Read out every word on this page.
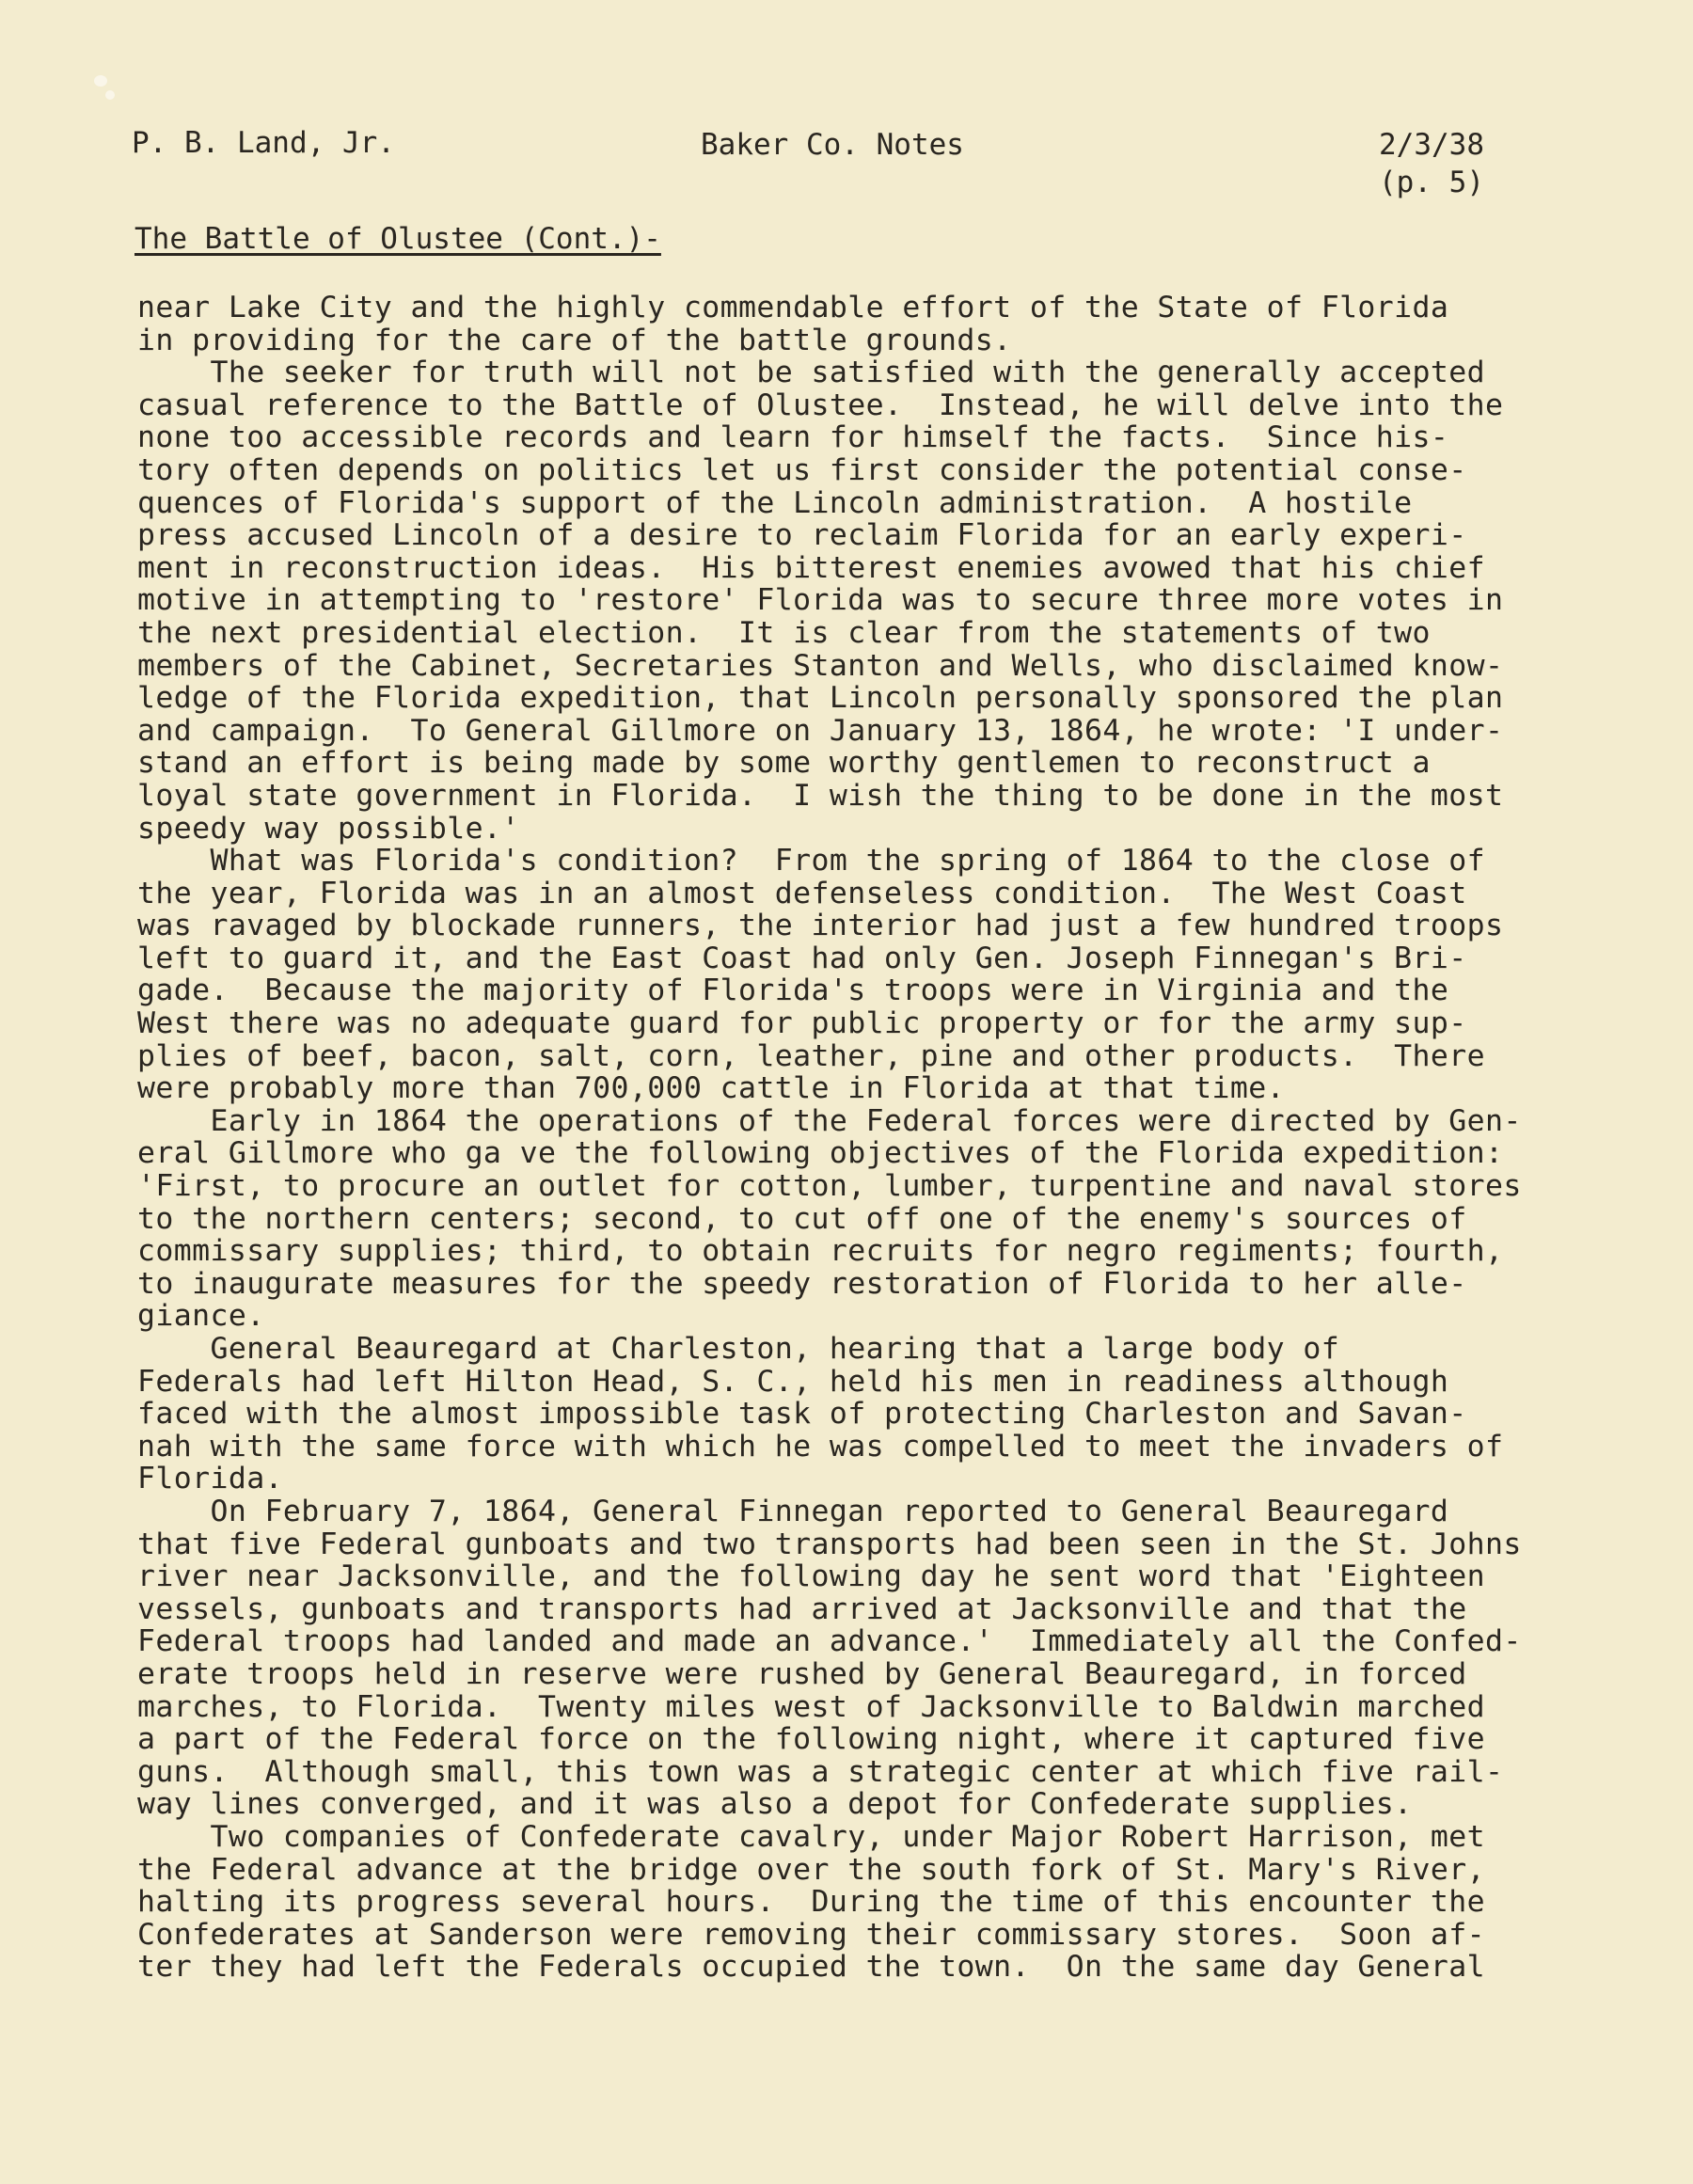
P. B. Land, Jr.	Baker Co. Notes	2/3/38
(p. 5)
The Battle of Olustee (Cont.)-
near Lake City and the highly commendable effort of the State of Florida
in providing for the care of the battle grounds.
The seeker for truth will not be satisfied with the generally accepted
casual reference to the Battle of Olustee.  Instead, he will delve into the
none too accessible records and learn for himself the facts.  Since his-
tory often depends on politics let us first consider the potential conse-
quences of Florida's support of the Lincoln administration.  A hostile
press accused Lincoln of a desire to reclaim Florida for an early experi-
ment in reconstruction ideas.  His bitterest enemies avowed that his chief
motive in attempting to 'restore' Florida was to secure three more votes in
the next presidential election.  It is clear from the statements of two
members of the Cabinet, Secretaries Stanton and Wells, who disclaimed know-
ledge of the Florida expedition, that Lincoln personally sponsored the plan
and campaign.  To General Gillmore on January 13, 1864, he wrote: 'I under-
stand an effort is being made by some worthy gentlemen to reconstruct a
loyal state government in Florida.  I wish the thing to be done in the most
speedy way possible.'
What was Florida's condition?  From the spring of 1864 to the close of
the year, Florida was in an almost defenseless condition.  The West Coast
was ravaged by blockade runners, the interior had just a few hundred troops
left to guard it, and the East Coast had only Gen. Joseph Finnegan's Bri-
gade.  Because the majority of Florida's troops were in Virginia and the
West there was no adequate guard for public property or for the army sup-
plies of beef, bacon, salt, corn, leather, pine and other products.  There
were probably more than 700,000 cattle in Florida at that time.
Early in 1864 the operations of the Federal forces were directed by Gen-
eral Gillmore who ga ve the following objectives of the Florida expedition:
'First, to procure an outlet for cotton, lumber, turpentine and naval stores
to the northern centers; second, to cut off one of the enemy's sources of
commissary supplies; third, to obtain recruits for negro regiments; fourth,
to inaugurate measures for the speedy restoration of Florida to her alle-
giance.
General Beauregard at Charleston, hearing that a large body of
Federals had left Hilton Head, S. C., held his men in readiness although
faced with the almost impossible task of protecting Charleston and Savan-
nah with the same force with which he was compelled to meet the invaders of
Florida.
On February 7, 1864, General Finnegan reported to General Beauregard
that five Federal gunboats and two transports had been seen in the St. Johns
river near Jacksonville, and the following day he sent word that 'Eighteen
vessels, gunboats and transports had arrived at Jacksonville and that the
Federal troops had landed and made an advance.'  Immediately all the Confed-
erate troops held in reserve were rushed by General Beauregard, in forced
marches, to Florida.  Twenty miles west of Jacksonville to Baldwin marched
a part of the Federal force on the following night, where it captured five
guns.  Although small, this town was a strategic center at which five rail-
way lines converged, and it was also a depot for Confederate supplies.
Two companies of Confederate cavalry, under Major Robert Harrison, met
the Federal advance at the bridge over the south fork of St. Mary's River,
halting its progress several hours.  During the time of this encounter the
Confederates at Sanderson were removing their commissary stores.  Soon af-
ter they had left the Federals occupied the town.  On the same day General
